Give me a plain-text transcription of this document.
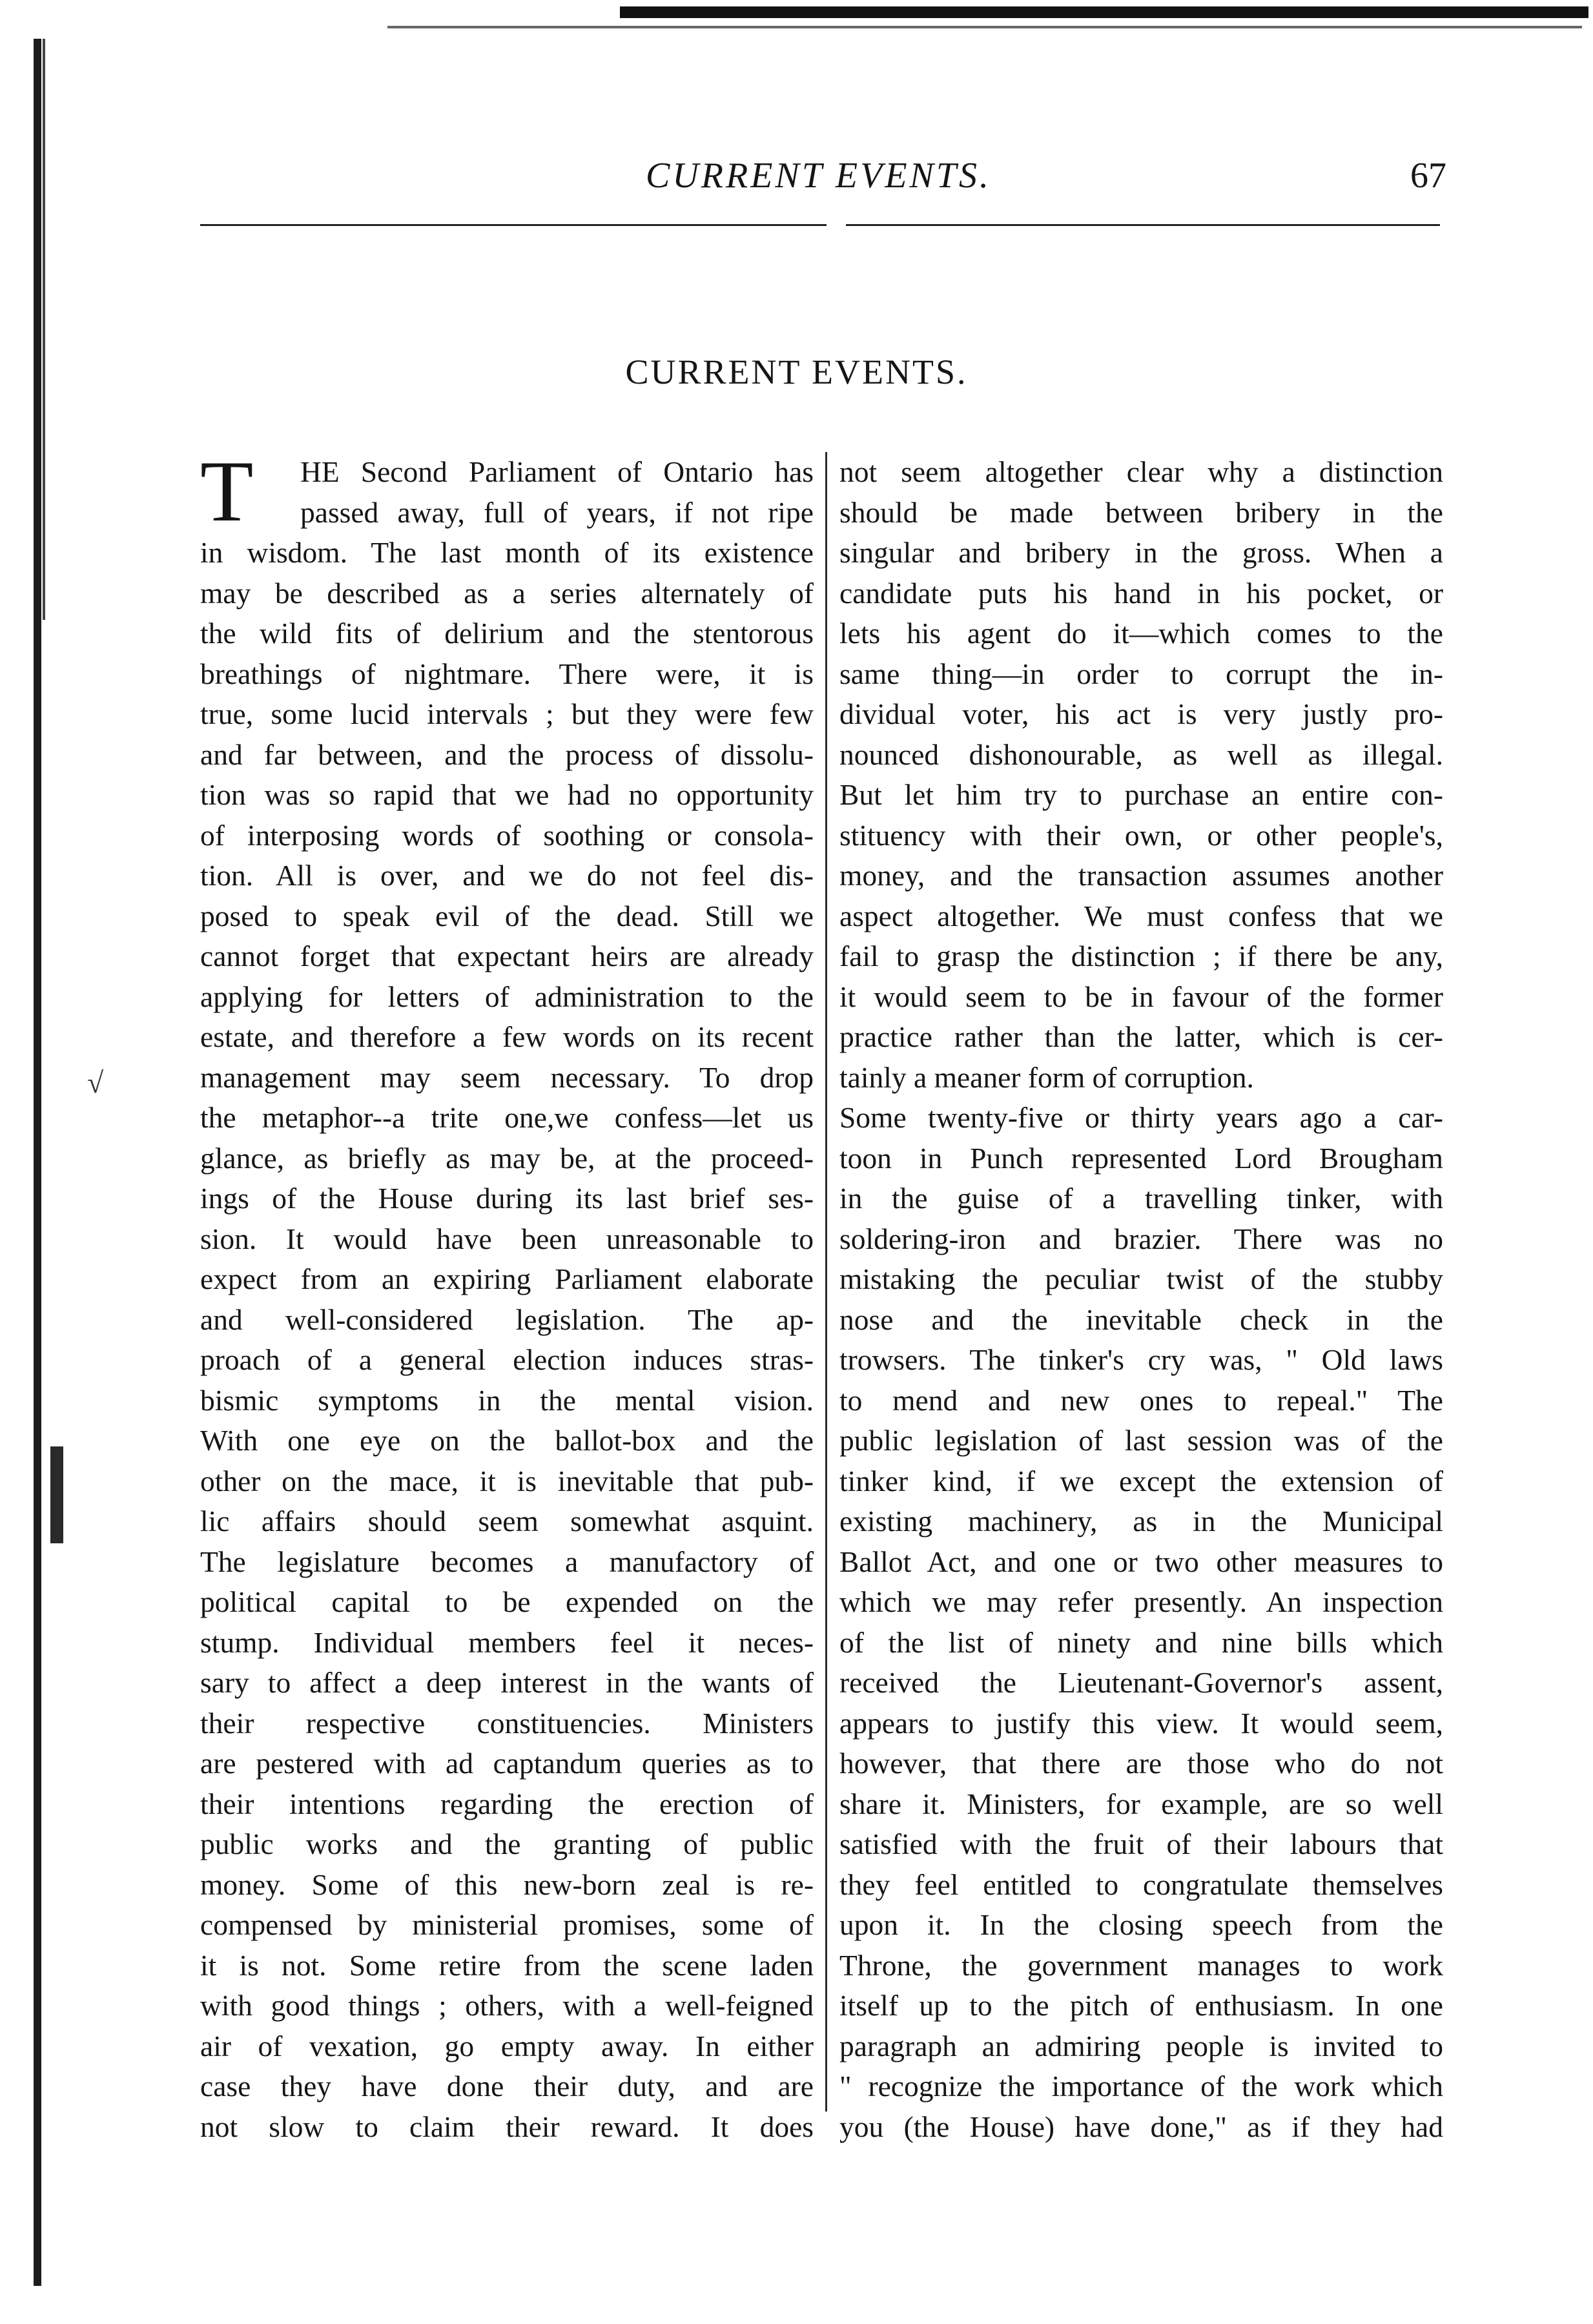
CURRENT EVENTS.	67
CURRENT EVENTS.
T	HE Second Parliament of Ontario has
passed away, full of years, if not ripe
in wisdom. The last month of its existence
may be described as a series alternately of
the wild fits of delirium and the stentorous
breathings of nightmare. There were, it is
true, some lucid intervals ; but they were few
and far between, and the process of dissolu-
tion was so rapid that we had no opportunity
of interposing words of soothing or consola-
tion. All is over, and we do not feel dis-
posed to speak evil of the dead. Still we
cannot forget that expectant heirs are already
applying for letters of administration to the
estate, and therefore a few words on its recent
management may seem necessary. To drop
the metaphor--a trite one,we confess—let us
glance, as briefly as may be, at the proceed-
ings of the House during its last brief ses-
sion. It would have been unreasonable to
expect from an expiring Parliament elaborate
and well-considered legislation. The ap-
proach of a general election induces stras-
bismic symptoms in the mental vision.
With one eye on the ballot-box and the
other on the mace, it is inevitable that pub-
lic affairs should seem somewhat asquint.
The legislature becomes a manufactory of
political capital to be expended on the
stump. Individual members feel it neces-
sary to affect a deep interest in the wants of
their respective constituencies. Ministers
are pestered with ad captandum queries as to
their intentions regarding the erection of
public works and the granting of public
money. Some of this new-born zeal is re-
compensed by ministerial promises, some of
it is not. Some retire from the scene laden
with good things ; others, with a well-feigned
air of vexation, go empty away. In either
case they have done their duty, and are
not slow to claim their reward. It does
not seem altogether clear why a distinction
should be made between bribery in the
singular and bribery in the gross. When a
candidate puts his hand in his pocket, or
lets his agent do it—which comes to the
same thing—in order to corrupt the in-
dividual voter, his act is very justly pro-
nounced dishonourable, as well as illegal.
But let him try to purchase an entire con-
stituency with their own, or other people's,
money, and the transaction assumes another
aspect altogether. We must confess that we
fail to grasp the distinction ; if there be any,
it would seem to be in favour of the former
practice rather than the latter, which is cer-
tainly a meaner form of corruption.
Some twenty-five or thirty years ago a car-
toon in Punch represented Lord Brougham
in the guise of a travelling tinker, with
soldering-iron and brazier. There was no
mistaking the peculiar twist of the stubby
nose and the inevitable check in the
trowsers. The tinker's cry was, " Old laws
to mend and new ones to repeal." The
public legislation of last session was of the
tinker kind, if we except the extension of
existing machinery, as in the Municipal
Ballot Act, and one or two other measures to
which we may refer presently. An inspection
of the list of ninety and nine bills which
received the Lieutenant-Governor's assent,
appears to justify this view. It would seem,
however, that there are those who do not
share it. Ministers, for example, are so well
satisfied with the fruit of their labours that
they feel entitled to congratulate themselves
upon it. In the closing speech from the
Throne, the government manages to work
itself up to the pitch of enthusiasm. In one
paragraph an admiring people is invited to
" recognize the importance of the work which
you (the House) have done," as if they had
√
